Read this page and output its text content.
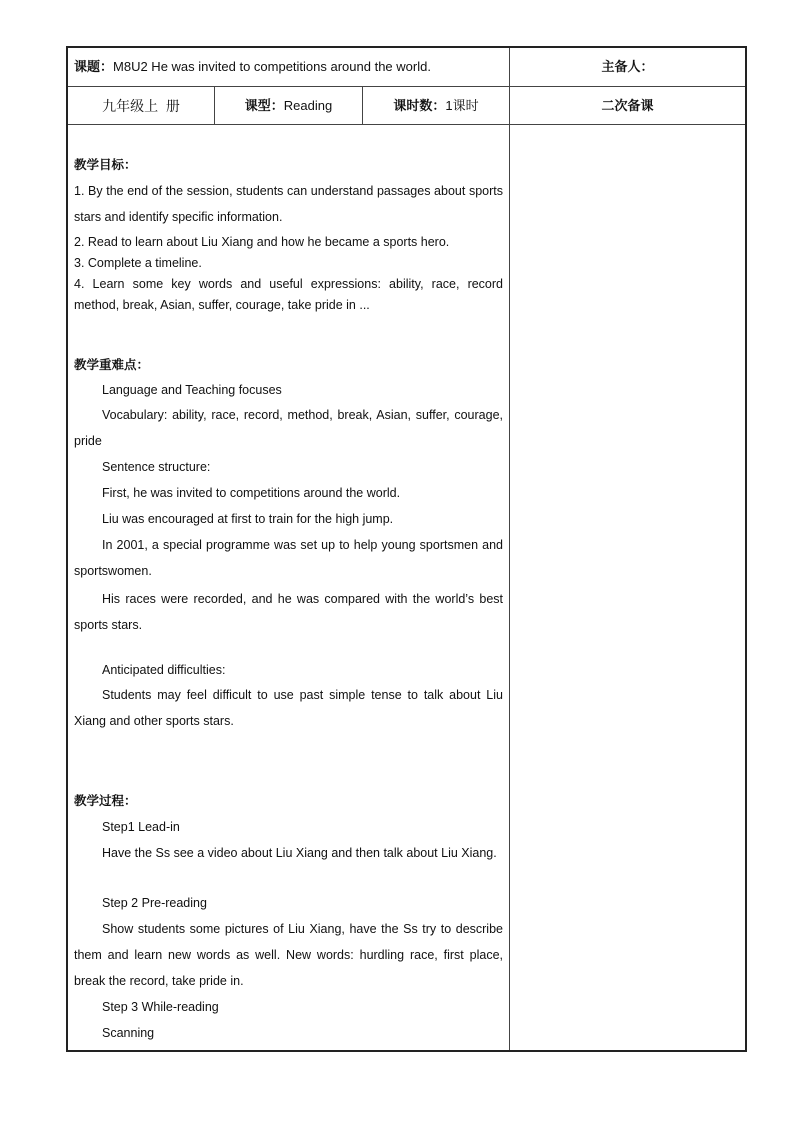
课题： M8U2 He was invited to competitions around the world.	主备人：
九年级上  册	课型： Reading	课时数： 1课时	二次备课

教学目标：

1. By the end of the session, students can understand passages about sports stars and identify specific information.

2. Read to learn about Liu Xiang and how he became a sports hero.

3. Complete a timeline.

4. Learn some key words and useful expressions: ability, race, record method, break, Asian, suffer, courage, take pride in ...

教学重难点：

Language and Teaching focuses

Vocabulary: ability, race, record, method, break, Asian, suffer, courage, pride

Sentence structure:

First, he was invited to competitions around the world.

Liu was encouraged at first to train for the high jump.

In 2001, a special programme was set up to help young sportsmen and sportswomen.

His races were recorded, and he was compared with the world’s best sports stars.

Anticipated difficulties:

Students may feel difficult to use past simple tense to talk about Liu Xiang and other sports stars.

教学过程：

Step1 Lead-in

Have the Ss see a video about Liu Xiang and then talk about Liu Xiang.

Step 2 Pre-reading

Show students some pictures of Liu Xiang, have the Ss try to describe them and learn new words as well. New words: hurdling race, first place, break the record, take pride in.

Step 3 While-reading

Scanning
